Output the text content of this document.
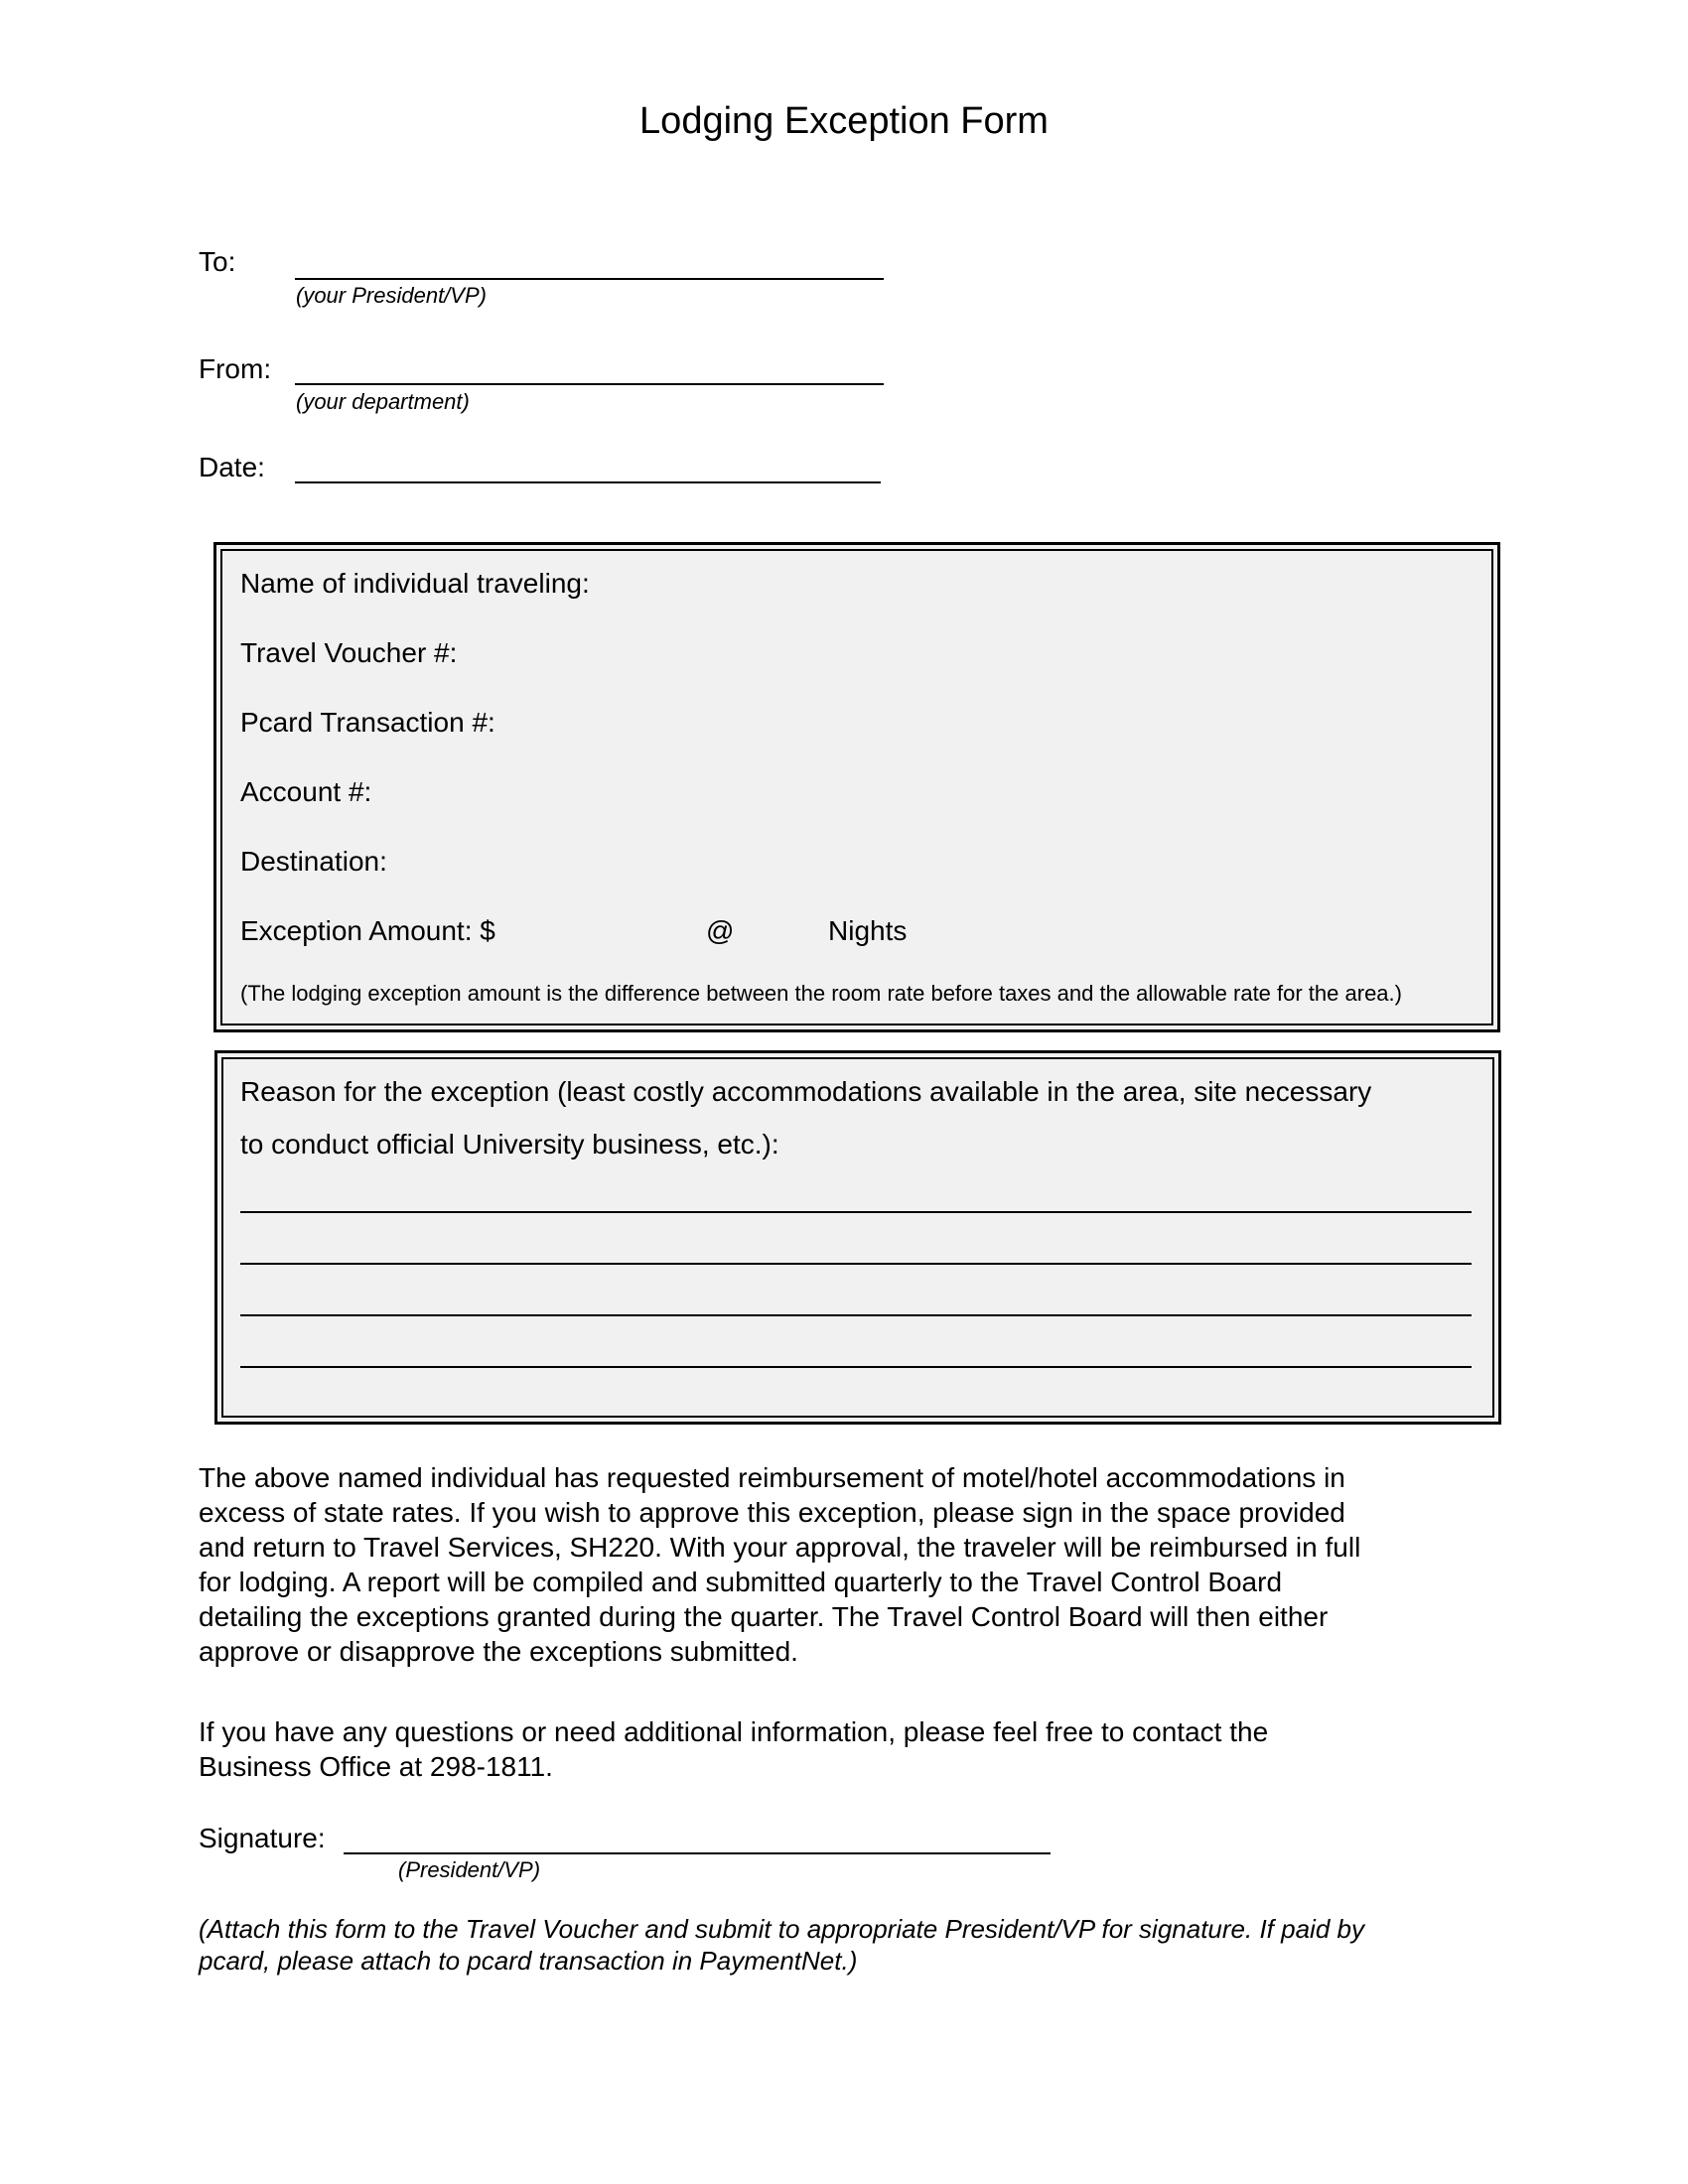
Lodging Exception Form
To:
(your President/VP)
From:
(your department)
Date:
Name of individual traveling:
Travel Voucher #:
Pcard Transaction #:
Account #:
Destination:
Exception Amount: $	@	Nights
(The lodging exception amount is the difference between the room rate before taxes and the allowable rate for the area.)
Reason for the exception (least costly accommodations available in the area, site necessary
to conduct official University business, etc.):
The above named individual has requested reimbursement of motel/hotel accommodations in
excess of state rates. If you wish to approve this exception, please sign in the space provided
and return to Travel Services, SH220. With your approval, the traveler will be reimbursed in full
for lodging. A report will be compiled and submitted quarterly to the Travel Control Board
detailing the exceptions granted during the quarter. The Travel Control Board will then either
approve or disapprove the exceptions submitted.
If you have any questions or need additional information, please feel free to contact the
Business Office at 298-1811.
Signature:
(President/VP)
(Attach this form to the Travel Voucher and submit to appropriate President/VP for signature. If paid by
pcard, please attach to pcard transaction in PaymentNet.)
